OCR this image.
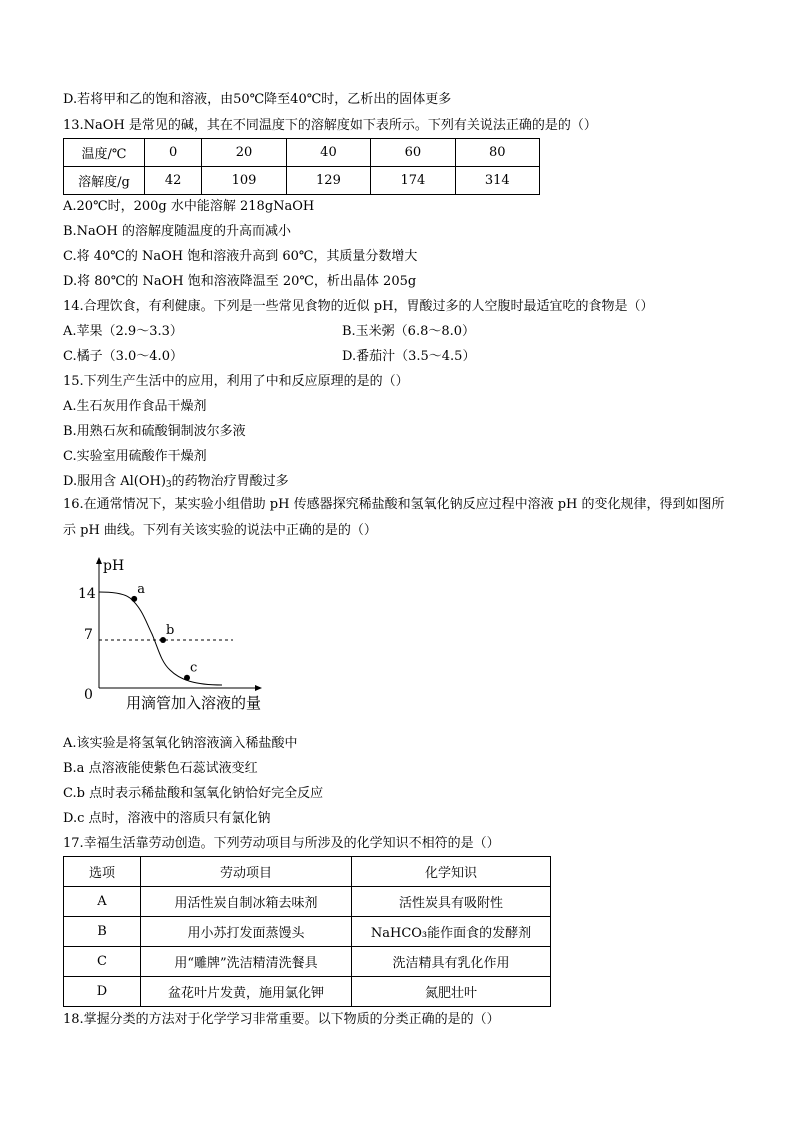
D.若将甲和乙的饱和溶液，由50℃降至40℃时，乙析出的固体更多
13.NaOH 是常见的碱，其在不同温度下的溶解度如下表所示。下列有关说法正确的是的（）
温度/℃	0	20	40	60	80
溶解度/g	42	109	129	174	314
A.20℃时，200g 水中能溶解 218gNaOH
B.NaOH 的溶解度随温度的升高而减小
C.将 40℃的 NaOH 饱和溶液升高到 60℃，其质量分数增大
D.将 80℃的 NaOH 饱和溶液降温至 20℃，析出晶体 205g
14.合理饮食，有利健康。下列是一些常见食物的近似 pH，胃酸过多的人空腹时最适宜吃的食物是（）
A.苹果（2.9～3.3）	B.玉米粥（6.8～8.0）
C.橘子（3.0～4.0）	D.番茄汁（3.5～4.5）
15.下列生产生活中的应用，利用了中和反应原理的是的（）
A.生石灰用作食品干燥剂
B.用熟石灰和硫酸铜制波尔多液
C.实验室用硫酸作干燥剂
D.服用含 $Al(OH)_3$的药物治疗胃酸过多
16.在通常情况下，某实验小组借助 pH 传感器探究稀盐酸和氢氧化钠反应过程中溶液 pH 的变化规律，得到如图所示 pH 曲线。下列有关该实验的说法中正确的是的（）
pH
14
7
0
a
b
c
用滴管加入溶液的量
A.该实验是将氢氧化钠溶液滴入稀盐酸中
B.a 点溶液能使紫色石蕊试液变红
C.b 点时表示稀盐酸和氢氧化钠恰好完全反应
D.c 点时，溶液中的溶质只有氯化钠
17.幸福生活靠劳动创造。下列劳动项目与所涉及的化学知识不相符的是（）
选项	劳动项目	化学知识
A	用活性炭自制冰箱去味剂	活性炭具有吸附性
B	用小苏打发面蒸馒头	NaHCO₃能作面食的发酵剂
C	用“雕牌”洗洁精清洗餐具	洗洁精具有乳化作用
D	盆花叶片发黄，施用氯化钾	氮肥壮叶
18.掌握分类的方法对于化学学习非常重要。以下物质的分类正确的是的（）
